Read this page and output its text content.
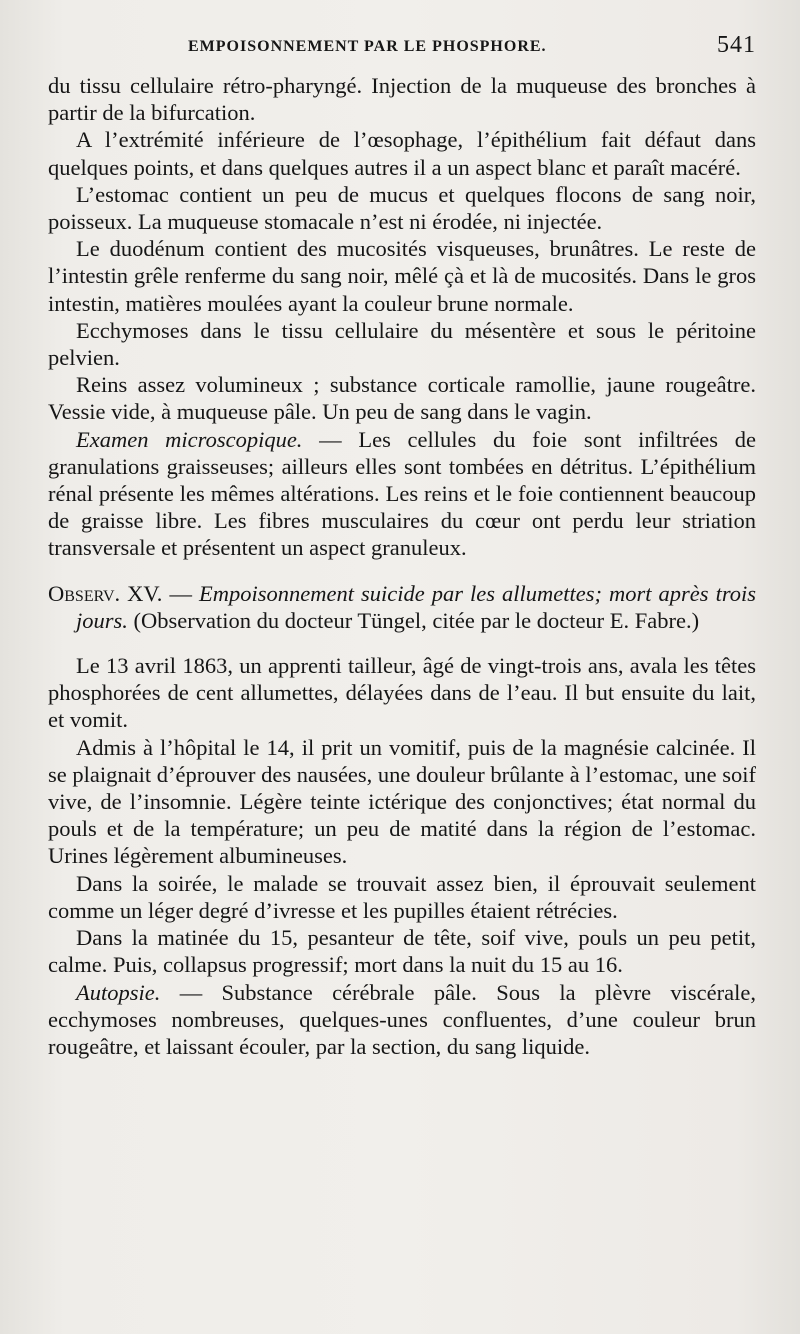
EMPOISONNEMENT PAR LE PHOSPHORE.	541

du tissu cellulaire rétro-pharyngé. Injection de la muqueuse des bronches à partir de la bifurcation.

A l’extrémité inférieure de l’œsophage, l’épithélium fait défaut dans quelques points, et dans quelques autres il a un aspect blanc et paraît macéré.

L’estomac contient un peu de mucus et quelques flocons de sang noir, poisseux. La muqueuse stomacale n’est ni érodée, ni injectée.

Le duodénum contient des mucosités visqueuses, brunâtres. Le reste de l’intestin grêle renferme du sang noir, mêlé çà et là de mucosités. Dans le gros intestin, matières moulées ayant la couleur brune normale.

Ecchymoses dans le tissu cellulaire du mésentère et sous le péritoine pelvien.

Reins assez volumineux ; substance corticale ramollie, jaune rougeâtre. Vessie vide, à muqueuse pâle. Un peu de sang dans le vagin.

Examen microscopique. — Les cellules du foie sont infiltrées de granulations graisseuses; ailleurs elles sont tombées en détritus. L’épithélium rénal présente les mêmes altérations. Les reins et le foie contiennent beaucoup de graisse libre. Les fibres musculaires du cœur ont perdu leur striation transversale et présentent un aspect granuleux.

Observ. XV. — Empoisonnement suicide par les allumettes; mort après trois jours. (Observation du docteur Tüngel, citée par le docteur E. Fabre.)

Le 13 avril 1863, un apprenti tailleur, âgé de vingt-trois ans, avala les têtes phosphorées de cent allumettes, délayées dans de l’eau. Il but ensuite du lait, et vomit.

Admis à l’hôpital le 14, il prit un vomitif, puis de la magnésie calcinée. Il se plaignait d’éprouver des nausées, une douleur brûlante à l’estomac, une soif vive, de l’insomnie. Légère teinte ictérique des conjonctives; état normal du pouls et de la température; un peu de matité dans la région de l’estomac. Urines légèrement albumineuses.

Dans la soirée, le malade se trouvait assez bien, il éprouvait seulement comme un léger degré d’ivresse et les pupilles étaient rétrécies.

Dans la matinée du 15, pesanteur de tête, soif vive, pouls un peu petit, calme. Puis, collapsus progressif; mort dans la nuit du 15 au 16.

Autopsie. — Substance cérébrale pâle. Sous la plèvre viscérale, ecchymoses nombreuses, quelques-unes confluentes, d’une couleur brun rougeâtre, et laissant écouler, par la section, du sang liquide.
